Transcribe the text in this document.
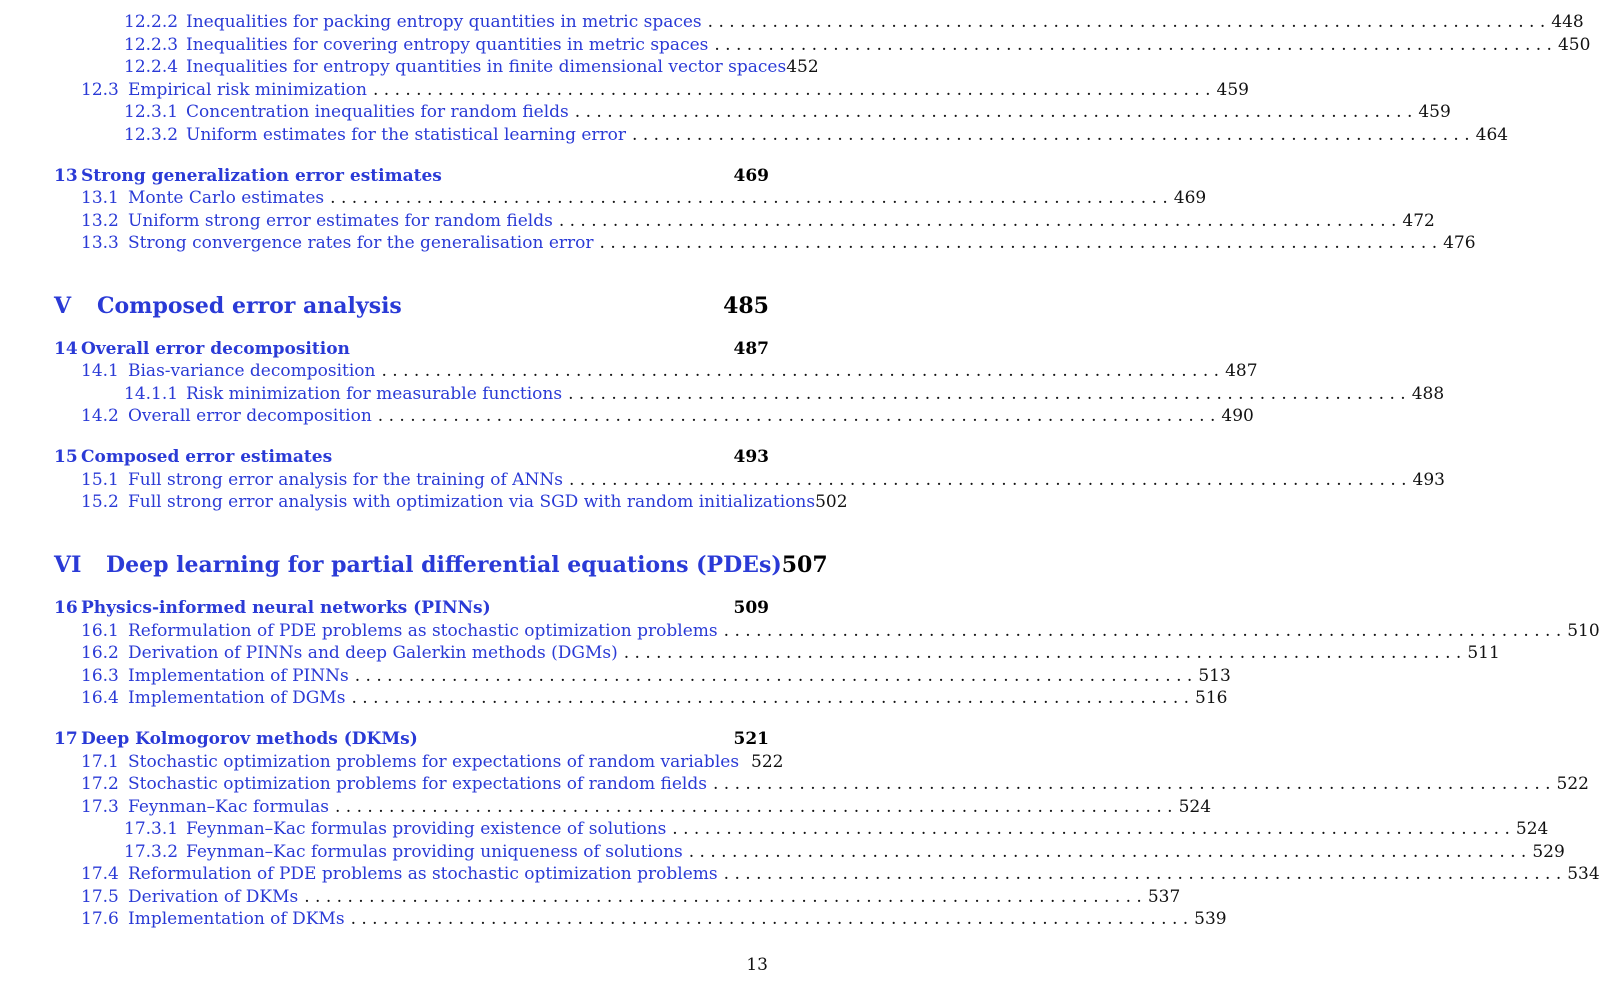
12.2.2 Inequalities for packing entropy quantities in metric spaces . . .	448
12.2.3 Inequalities for covering entropy quantities in metric spaces . . .	450
12.2.4 Inequalities for entropy quantities in finite dimensional vector spaces 452
12.3 Empirical risk minimization . . .	459
12.3.1 Concentration inequalities for random fields . . .	459
12.3.2 Uniform estimates for the statistical learning error . . .	464
13 Strong generalization error estimates	469
13.1 Monte Carlo estimates . . .	469
13.2 Uniform strong error estimates for random fields . . .	472
13.3 Strong convergence rates for the generalisation error . . .	476
V	Composed error analysis	485
14 Overall error decomposition	487
14.1 Bias-variance decomposition . . .	487
14.1.1 Risk minimization for measurable functions . . .	488
14.2 Overall error decomposition . . .	490
15 Composed error estimates	493
15.1 Full strong error analysis for the training of ANNs . . .	493
15.2 Full strong error analysis with optimization via SGD with random initializations 502
VI	Deep learning for partial differential equations (PDEs) 507
16 Physics-informed neural networks (PINNs)	509
16.1 Reformulation of PDE problems as stochastic optimization problems . . .	510
16.2 Derivation of PINNs and deep Galerkin methods (DGMs) . . .	511
16.3 Implementation of PINNs . . .	513
16.4 Implementation of DGMs . . .	516
17 Deep Kolmogorov methods (DKMs)	521
17.1 Stochastic optimization problems for expectations of random variables 522
17.2 Stochastic optimization problems for expectations of random fields . . .	522
17.3 Feynman–Kac formulas . . .	524
17.3.1 Feynman–Kac formulas providing existence of solutions . . .	524
17.3.2 Feynman–Kac formulas providing uniqueness of solutions . . .	529
17.4 Reformulation of PDE problems as stochastic optimization problems . . .	534
17.5 Derivation of DKMs . . .	537
17.6 Implementation of DKMs . . .	539
13
